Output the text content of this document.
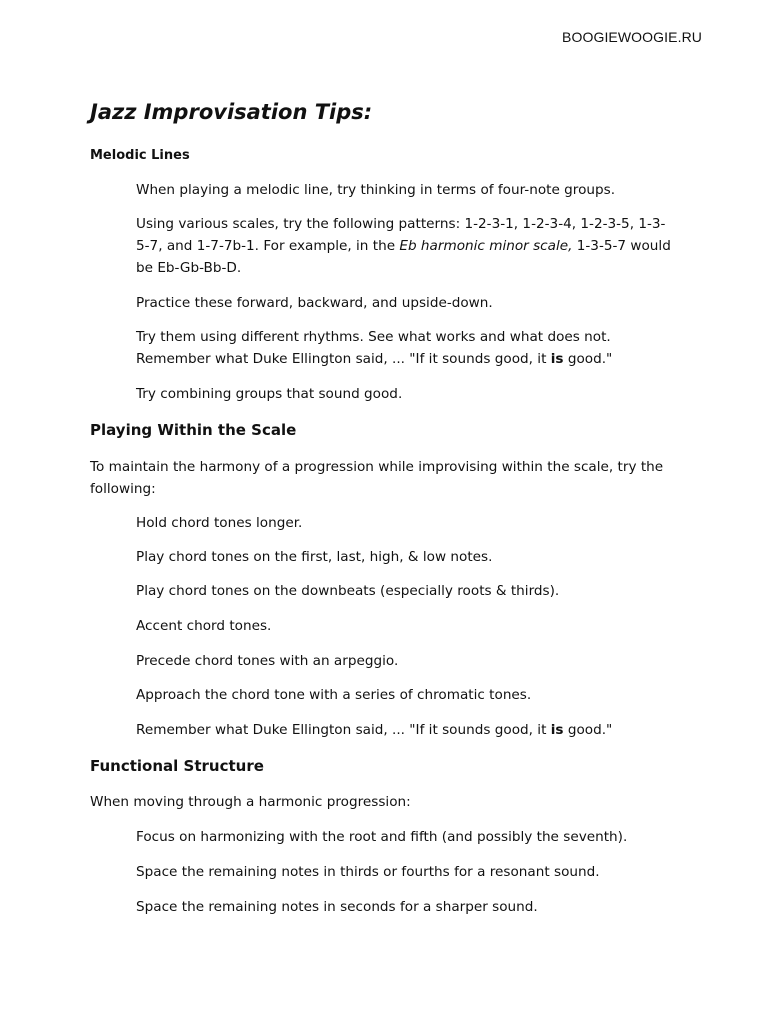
BOOGIEWOOGIE.RU
Jazz Improvisation Tips:
Melodic Lines

When playing a melodic line, try thinking in terms of four-note groups.

Using various scales, try the following patterns: 1-2-3-1, 1-2-3-4, 1-2-3-5, 1-3-5-7, and 1-7-7b-1. For example, in the Eb harmonic minor scale, 1-3-5-7 would be Eb-Gb-Bb-D.

Practice these forward, backward, and upside-down.

Try them using different rhythms. See what works and what does not. Remember what Duke Ellington said, ... "If it sounds good, it is good."

Try combining groups that sound good.

Playing Within the Scale

To maintain the harmony of a progression while improvising within the scale, try the following:

Hold chord tones longer.

Play chord tones on the first, last, high, & low notes.

Play chord tones on the downbeats (especially roots & thirds).

Accent chord tones.

Precede chord tones with an arpeggio.

Approach the chord tone with a series of chromatic tones.

Remember what Duke Ellington said, ... "If it sounds good, it is good."

Functional Structure

When moving through a harmonic progression:

Focus on harmonizing with the root and fifth (and possibly the seventh).

Space the remaining notes in thirds or fourths for a resonant sound.

Space the remaining notes in seconds for a sharper sound.
